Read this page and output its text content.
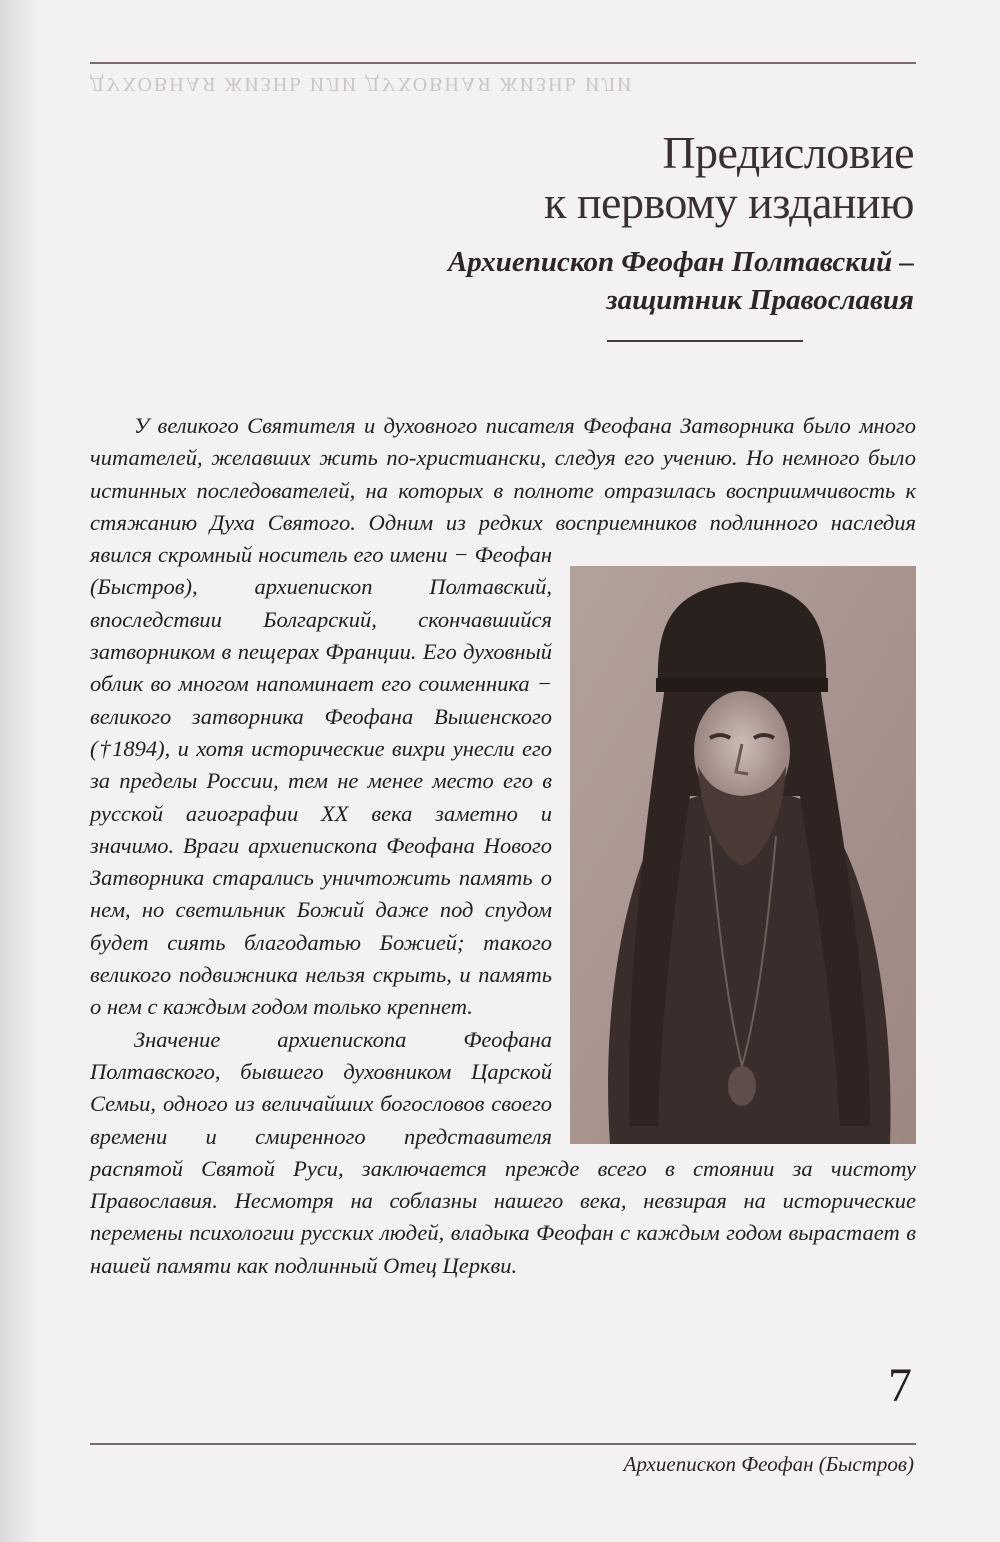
ДУХОВНАЯ ЖИЗНЬ ИЛИ ДУХОВНАЯ ЖИЗНЬ ИЛИ
Предисловие
к первому изданию
Архиепископ Феофан Полтавский –
защитник Православия

У великого Святителя и духовного писателя Феофана Затворника было много читателей, желавших жить по-христиански, следуя его учению. Но немного было истинных последователей, на которых в полноте отразилась восприимчивость к стяжанию Духа Святого. Одним из редких восприемников подлинного наследия явился скромный носитель его имени − Феофан (Быстров), архиепископ Полтавский, впоследствии Болгарский, скончавшийся затворником в пещерах Франции. Его духовный облик во многом напоминает его соименника − великого затворника Феофана Вышенского (†1894), и хотя исторические вихри унесли его за пределы России, тем не менее место его в русской агиографии XX века заметно и значимо. Враги архиепископа Феофана Нового Затворника старались уничтожить память о нем, но светильник Божий даже под спудом будет сиять благодатью Божией; такого великого подвижника нельзя скрыть, и память о нем с каждым годом только крепнет.

Значение архиепископа Феофана Полтавского, бывшего духовником Царской Семьи, одного из величайших богословов своего времени и смиренного представителя распятой Святой Руси, заключается прежде всего в стоянии за чистоту Православия. Несмотря на соблазны нашего века, невзирая на исторические перемены психологии русских людей, владыка Феофан с каждым годом вырастает в нашей памяти как подлинный Отец Церкви.

7
Архиепископ Феофан (Быстров)
